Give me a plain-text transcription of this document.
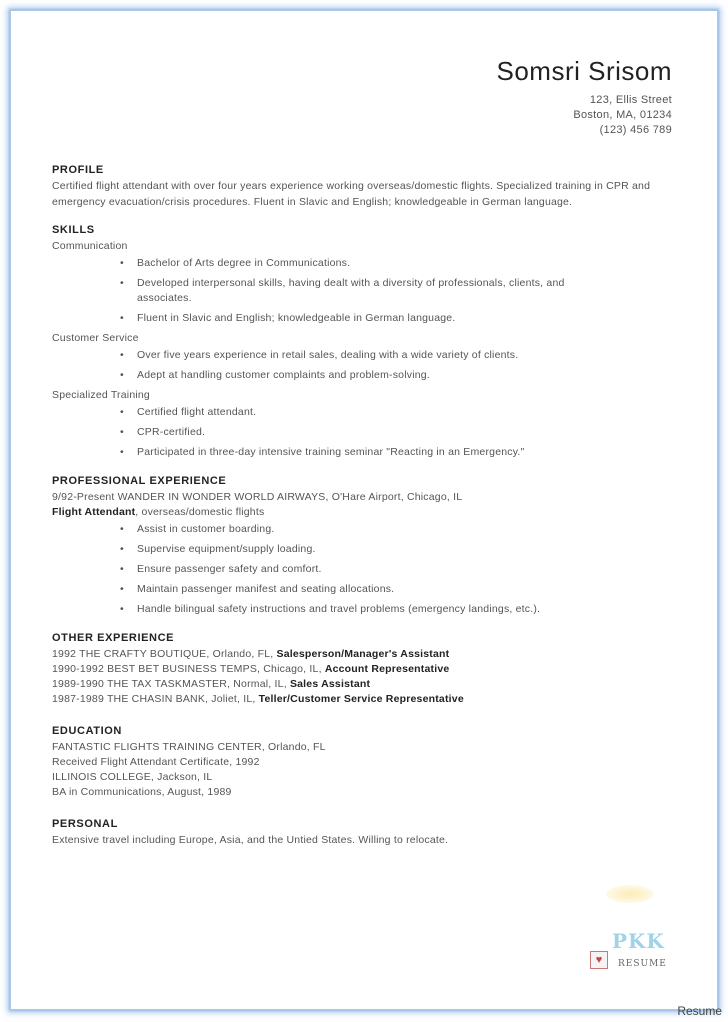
Somsri Srisom
123, Ellis Street
Boston, MA, 01234
(123) 456 789
PROFILE
Certified flight attendant with over four years experience working overseas/domestic flights. Specialized training in CPR and emergency evacuation/crisis procedures. Fluent in Slavic and English; knowledgeable in German language.
SKILLS
Communication
• Bachelor of Arts degree in Communications.
• Developed interpersonal skills, having dealt with a diversity of professionals, clients, and associates.
• Fluent in Slavic and English; knowledgeable in German language.
Customer Service
• Over five years experience in retail sales, dealing with a wide variety of clients.
• Adept at handling customer complaints and problem-solving.
Specialized Training
• Certified flight attendant.
• CPR-certified.
• Participated in three-day intensive training seminar "Reacting in an Emergency."
PROFESSIONAL EXPERIENCE
9/92-Present WANDER IN WONDER WORLD AIRWAYS, O'Hare Airport, Chicago, IL
Flight Attendant, overseas/domestic flights
• Assist in customer boarding.
• Supervise equipment/supply loading.
• Ensure passenger safety and comfort.
• Maintain passenger manifest and seating allocations.
• Handle bilingual safety instructions and travel problems (emergency landings, etc.).
OTHER EXPERIENCE
1992 THE CRAFTY BOUTIQUE, Orlando, FL, Salesperson/Manager's Assistant
1990-1992 BEST BET BUSINESS TEMPS, Chicago, IL, Account Representative
1989-1990 THE TAX TASKMASTER, Normal, IL, Sales Assistant
1987-1989 THE CHASIN BANK, Joliet, IL, Teller/Customer Service Representative
EDUCATION
FANTASTIC FLIGHTS TRAINING CENTER, Orlando, FL
Received Flight Attendant Certificate, 1992
ILLINOIS COLLEGE, Jackson, IL
BA in Communications, August, 1989
PERSONAL
Extensive travel including Europe, Asia, and the Untied States. Willing to relocate.
PKK
♥	RESUME
Resume
